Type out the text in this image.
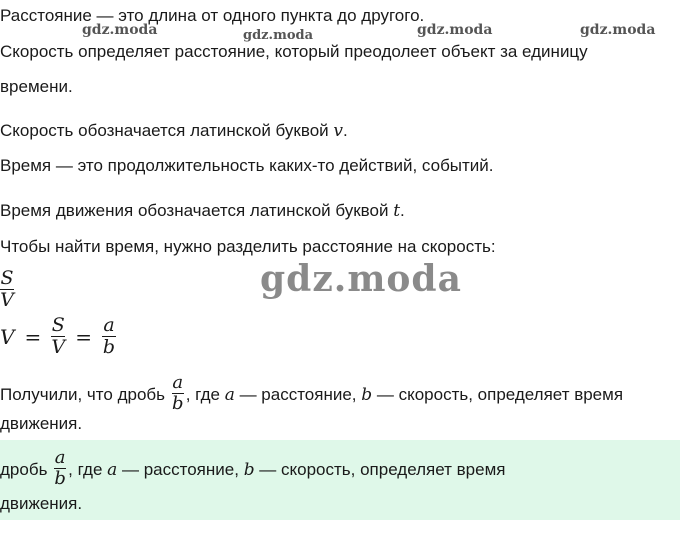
gdz.moda	gdz.moda	gdz.moda	gdz.moda
Расстояние — это длина от одного пункта до другого.
Скорость определяет расстояние, который преодолеет объект за единицу
времени.
Скорость обозначается латинской буквой v.
Время — это продолжительность каких-то действий, событий.
Время движения обозначается латинской буквой t.
Чтобы найти время, нужно разделить расстояние на скорость:
$\frac{S}{V}$	gdz.moda
$V = \frac{S}{V} = \frac{a}{b}$
Получили, что дробь $\frac{a}{b}$ , где a — расстояние, b — скорость, определяет время
движения.
дробь $\frac{a}{b}$ , где a — расстояние, b — скорость, определяет время
движения.
